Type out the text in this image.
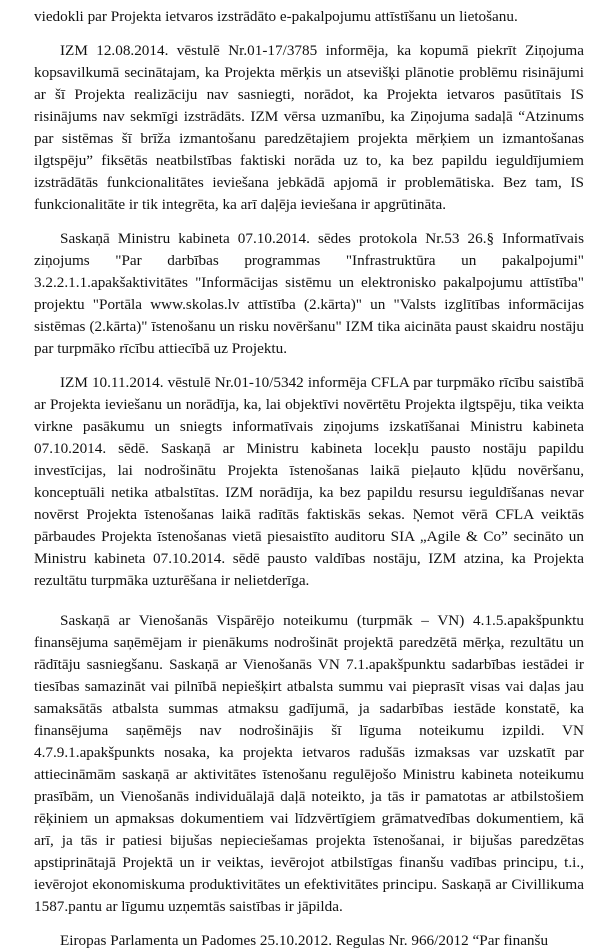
viedokli par Projekta ietvaros izstrādāto e-pakalpojumu attīstīšanu un lietošanu.

IZM 12.08.2014. vēstulē Nr.01-17/3785 informēja, ka kopumā piekrīt Ziņojuma kopsavilkumā secinātajam, ka Projekta mērķis un atsevišķi plānotie problēmu risinājumi ar šī Projekta realizāciju nav sasniegti, norādot, ka Projekta ietvaros pasūtītais IS risinājums nav sekmīgi izstrādāts. IZM vērsa uzmanību, ka Ziņojuma sadaļā “Atzinums par sistēmas šī brīža izmantošanu paredzētajiem projekta mērķiem un izmantošanas ilgtspēju” fiksētās neatbilstības faktiski norāda uz to, ka bez papildu ieguldījumiem izstrādātās funkcionalitātes ieviešana jebkādā apjomā ir problemātiska. Bez tam, IS funkcionalitāte ir tik integrēta, ka arī daļēja ieviešana ir apgrūtināta.

Saskaņā Ministru kabineta 07.10.2014. sēdes protokola Nr.53 26.§ Informatīvais ziņojums "Par darbības programmas "Infrastruktūra un pakalpojumi" 3.2.2.1.1.apakšaktivitātes "Informācijas sistēmu un elektronisko pakalpojumu attīstība" projektu "Portāla www.skolas.lv attīstība (2.kārta)" un "Valsts izglītības informācijas sistēmas (2.kārta)" īstenošanu un risku novēršanu" IZM tika aicināta paust skaidru nostāju par turpmāko rīcību attiecībā uz Projektu.

IZM 10.11.2014. vēstulē Nr.01-10/5342 informēja CFLA par turpmāko rīcību saistībā ar Projekta ieviešanu un norādīja, ka, lai objektīvi novērtētu Projekta ilgtspēju, tika veikta virkne pasākumu un sniegts informatīvais ziņojums izskatīšanai Ministru kabineta 07.10.2014. sēdē. Saskaņā ar Ministru kabineta locekļu pausto nostāju papildu investīcijas, lai nodrošinātu Projekta īstenošanas laikā pieļauto kļūdu novēršanu, konceptuāli netika atbalstītas. IZM norādīja, ka bez papildu resursu ieguldīšanas nevar novērst Projekta īstenošanas laikā radītās faktiskās sekas. Ņemot vērā CFLA veiktās pārbaudes Projekta īstenošanas vietā piesaistīto auditoru SIA „Agile & Co” secināto un Ministru kabineta 07.10.2014. sēdē pausto valdības nostāju, IZM atzina, ka Projekta rezultātu turpmāka uzturēšana ir nelietderīga.

Saskaņā ar Vienošanās Vispārējo noteikumu (turpmāk – VN) 4.1.5.apakšpunktu finansējuma saņēmējam ir pienākums nodrošināt projektā paredzētā mērķa, rezultātu un rādītāju sasniegšanu. Saskaņā ar Vienošanās VN 7.1.apakšpunktu sadarbības iestādei ir tiesības samazināt vai pilnībā nepiešķirt atbalsta summu vai pieprasīt visas vai daļas jau samaksātās atbalsta summas atmaksu gadījumā, ja sadarbības iestāde konstatē, ka finansējuma saņēmējs nav nodrošinājis šī līguma noteikumu izpildi. VN 4.7.9.1.apakšpunkts nosaka, ka projekta ietvaros radušās izmaksas var uzskatīt par attiecināmām saskaņā ar aktivitātes īstenošanu regulējošo Ministru kabineta noteikumu prasībām, un Vienošanās individuālajā daļā noteikto, ja tās ir pamatotas ar atbilstošiem rēķiniem un apmaksas dokumentiem vai līdzvērtīgiem grāmatvedības dokumentiem, kā arī, ja tās ir patiesi bijušas nepieciešamas projekta īstenošanai, ir bijušas paredzētas apstiprinātajā Projektā un ir veiktas, ievērojot atbilstīgas finanšu vadības principu, t.i., ievērojot ekonomiskuma produktivitātes un efektivitātes principu. Saskaņā ar Civillikuma 1587.pantu ar līgumu uzņemtās saistības ir jāpilda.

Eiropas Parlamenta un Padomes 25.10.2012. Regulas Nr. 966/2012 “Par finanšu
